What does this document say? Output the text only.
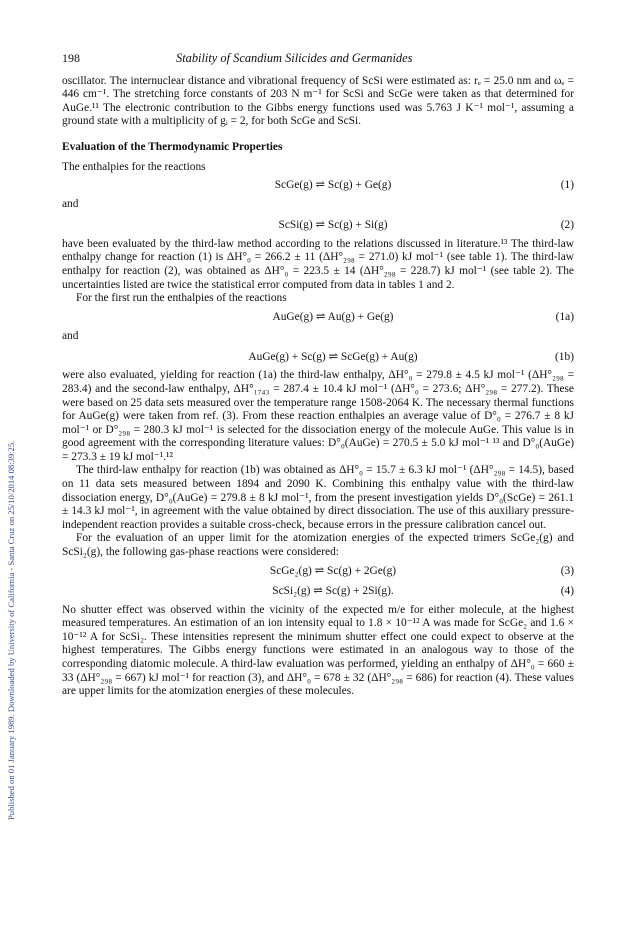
Published on 01 January 1989. Downloaded by University of California - Santa Cruz on 25/10/2014 08:39:25.
198	Stability of Scandium Silicides and Germanides

oscillator. The internuclear distance and vibrational frequency of ScSi were estimated as: rₑ = 25.0 nm and ωₑ = 446 cm⁻¹. The stretching force constants of 203 N m⁻¹ for ScSi and ScGe were taken as that determined for AuGe.¹¹ The electronic contribution to the Gibbs energy functions used was 5.763 J K⁻¹ mol⁻¹, assuming a ground state with a multiplicity of gᵢ = 2, for both ScGe and ScSi.

Evaluation of the Thermodynamic Properties

The enthalpies for the reactions

ScGe(g) ⇌ Sc(g) + Ge(g)	(1)
and
ScSi(g) ⇌ Sc(g) + Si(g)	(2)

have been evaluated by the third-law method according to the relations discussed in literature.¹³ The third-law enthalpy change for reaction (1) is ΔH°₀ = 266.2 ± 11 (ΔH°₂₉₈ = 271.0) kJ mol⁻¹ (see table 1). The third-law enthalpy for reaction (2), was obtained as ΔH°₀ = 223.5 ± 14 (ΔH°₂₉₈ = 228.7) kJ mol⁻¹ (see table 2). The uncertainties listed are twice the statistical error computed from data in tables 1 and 2.

For the first run the enthalpies of the reactions

AuGe(g) ⇌ Au(g) + Ge(g)	(1a)
and
AuGe(g) + Sc(g) ⇌ ScGe(g) + Au(g)	(1b)

were also evaluated, yielding for reaction (1a) the third-law enthalpy, ΔH°₀ = 279.8 ± 4.5 kJ mol⁻¹ (ΔH°₂₉₈ = 283.4) and the second-law enthalpy, ΔH°₁₇₄₃ = 287.4 ± 10.4 kJ mol⁻¹ (ΔH°₀ = 273.6; ΔH°₂₉₈ = 277.2). These were based on 25 data sets measured over the temperature range 1508-2064 K. The necessary thermal functions for AuGe(g) were taken from ref. (3). From these reaction enthalpies an average value of D°₀ = 276.7 ± 8 kJ mol⁻¹ or D°₂₉₈ = 280.3 kJ mol⁻¹ is selected for the dissociation energy of the molecule AuGe. This value is in good agreement with the corresponding literature values: D°₀(AuGe) = 270.5 ± 5.0 kJ mol⁻¹ ¹³ and D°₀(AuGe) = 273.3 ± 19 kJ mol⁻¹.¹²

The third-law enthalpy for reaction (1b) was obtained as ΔH°₀ = 15.7 ± 6.3 kJ mol⁻¹ (ΔH°₂₉₈ = 14.5), based on 11 data sets measured between 1894 and 2090 K. Combining this enthalpy value with the third-law dissociation energy, D°₀(AuGe) = 279.8 ± 8 kJ mol⁻¹, from the present investigation yields D°₀(ScGe) = 261.1 ± 14.3 kJ mol⁻¹, in agreement with the value obtained by direct dissociation. The use of this auxiliary pressure-independent reaction provides a suitable cross-check, because errors in the pressure calibration cancel out.

For the evaluation of an upper limit for the atomization energies of the expected trimers ScGe₂(g) and ScSi₂(g), the following gas-phase reactions were considered:

ScGe₂(g) ⇌ Sc(g) + 2Ge(g)	(3)
ScSi₂(g) ⇌ Sc(g) + 2Si(g).	(4)

No shutter effect was observed within the vicinity of the expected m/e for either molecule, at the highest measured temperatures. An estimation of an ion intensity equal to 1.8 × 10⁻¹² A was made for ScGe₂ and 1.6 × 10⁻¹² A for ScSi₂. These intensities represent the minimum shutter effect one could expect to observe at the highest temperatures. The Gibbs energy functions were estimated in an analogous way to those of the corresponding diatomic molecule. A third-law evaluation was performed, yielding an enthalpy of ΔH°₀ = 660 ± 33 (ΔH°₂₉₈ = 667) kJ mol⁻¹ for reaction (3), and ΔH°₀ = 678 ± 32 (ΔH°₂₉₈ = 686) for reaction (4). These values are upper limits for the atomization energies of these molecules.
